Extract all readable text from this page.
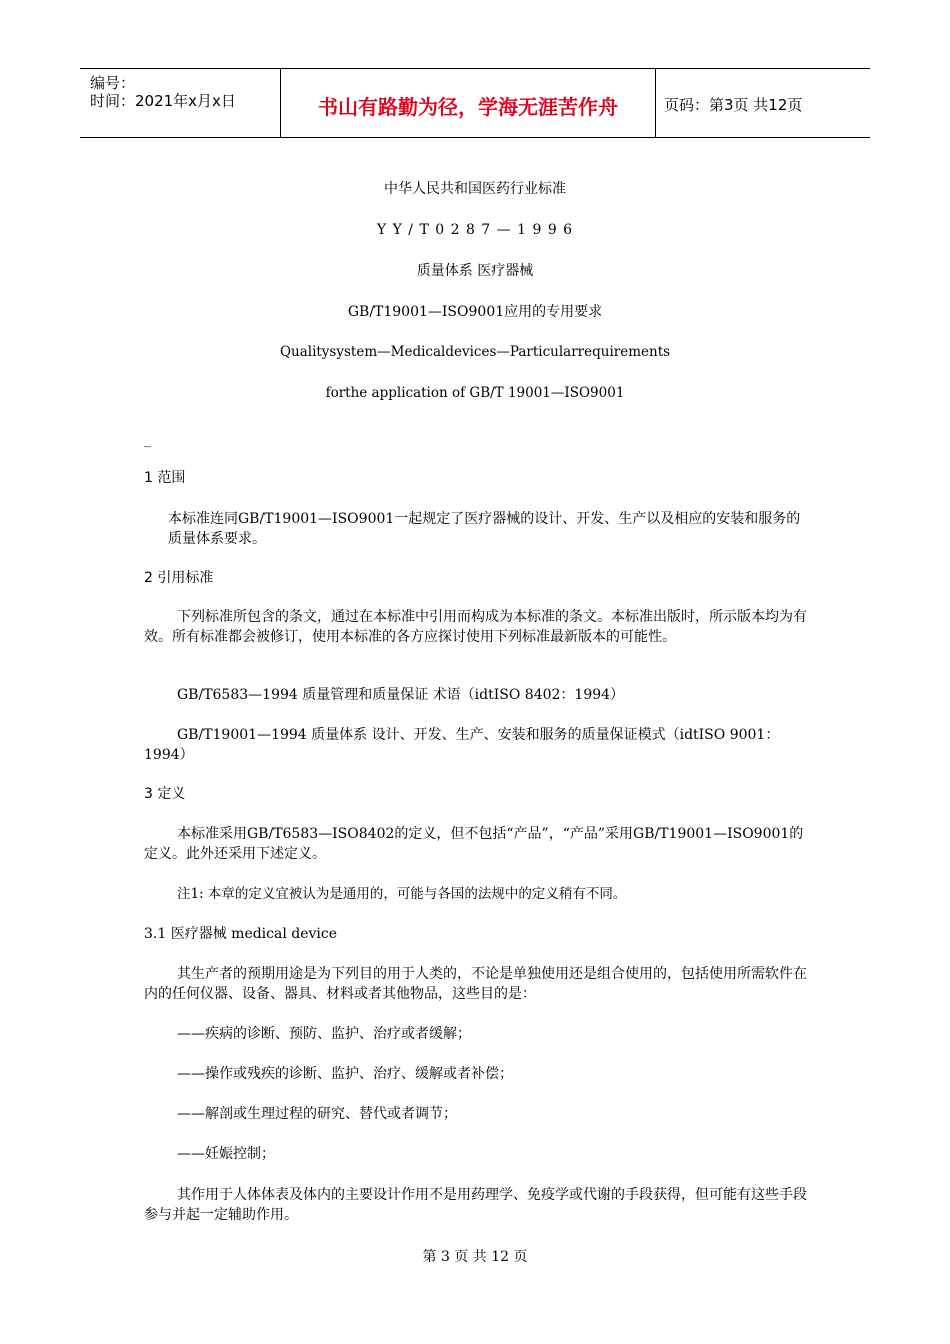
编号：
时间：2021年x月x日	书山有路勤为径，学海无涯苦作舟	页码：第3页 共12页
中华人民共和国医药行业标准
Y Y / T 0 2 8 7 — 1 9 9 6
质量体系 医疗器械
GB/T19001—ISO9001应用的专用要求
Qualitysystem—Medicaldevices—Particularrequirements
forthe application of GB/T 19001—ISO9001
_
1 范围
本标准连同GB/T19001—ISO9001一起规定了医疗器械的设计、开发、生产以及相应的安装和服务的质量体系要求。
2 引用标准
下列标准所包含的条文，通过在本标准中引用而构成为本标准的条文。本标准出版时，所示版本均为有效。所有标准都会被修订，使用本标准的各方应探讨使用下列标准最新版本的可能性。
GB/T6583—1994 质量管理和质量保证 术语（idtISO 8402：1994）
GB/T19001—1994 质量体系 设计、开发、生产、安装和服务的质量保证模式（idtISO 9001：1994）
3 定义
本标准采用GB/T6583—ISO8402的定义，但不包括“产品”，“产品”采用GB/T19001—ISO9001的定义。此外还采用下述定义。
注1: 本章的定义宜被认为是通用的，可能与各国的法规中的定义稍有不同。
3.1 医疗器械 medical device
其生产者的预期用途是为下列目的用于人类的，不论是单独使用还是组合使用的，包括使用所需软件在内的任何仪器、设备、器具、材料或者其他物品，这些目的是：
——疾病的诊断、预防、监护、治疗或者缓解；
——操作或残疾的诊断、监护、治疗、缓解或者补偿；
——解剖或生理过程的研究、替代或者调节；
——妊娠控制；
其作用于人体体表及体内的主要设计作用不是用药理学、免疫学或代谢的手段获得，但可能有这些手段参与并起一定辅助作用。
第 3 页 共 12 页
